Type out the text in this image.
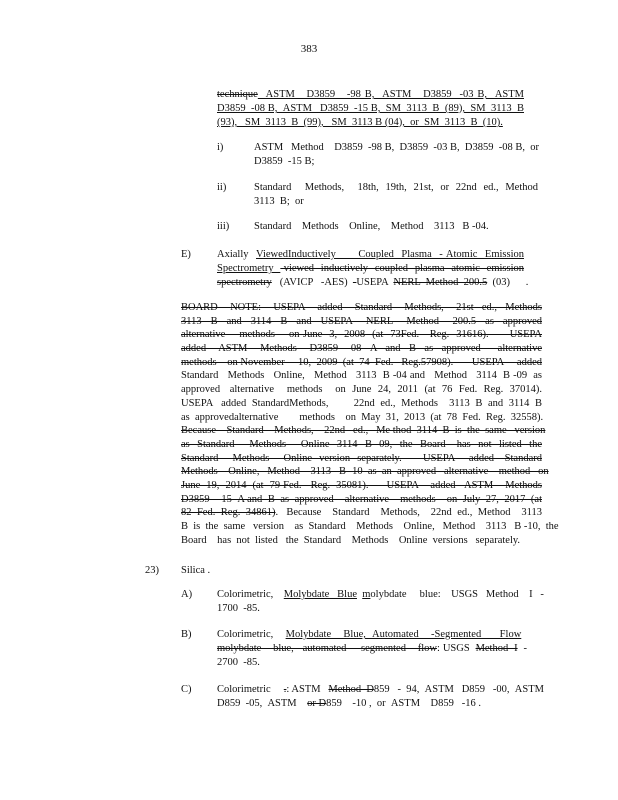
383
technique  ASTM   D3859   -98 B,  ASTM   D3859  -03 B,  ASTM
D3859  -08 B,  ASTM   D3859  -15 B,  SM  3113  B  (89),  SM  3113  B
(93),   SM  3113  B  (99),   SM  3113 B (04),  or  SM  3113  B  (10).
i)	ASTM   Method    D3859  -98 B,  D3859  -03 B,  D3859  -08 B,  or
D3859  -15 B;
ii)	Standard    Methods,    18th,  19th,  21st,  or  22nd  ed.,  Method
3113  B;  or
iii) Standard    Methods    Online,    Method    3113   B -04.
E) Axially  ViewedInductively      Coupled  Plasma  - Atomic  Emission
Spectrometry   viewed  inductively  coupled  plasma  atomic  emission
spectrometry   (AVICP   -AES)  -USEPA  NERL  Method  200.5  (03)      .
BOARD   NOTE:   USEPA   added   Standard   Methods,   21st  ed.,  Methods
3113  B  and  3114  B  and  USEPA   NERL   Method   200.5  as  approved
alternative    methods    on June  3,  2008  (at  73Fed.   Reg.  31616).      USEPA
added   ASTM   Methods   D3859   08  A  and  B  as  approved    alternative
methods    on November     10,  2009  (at  74  Fed.   Reg.57908).       USEPA     added
Standard   Methods   Online,   Method   3113  B -04 and   Method   3114  B -09  as
approved   alternative    methods    on  June  24,  2011  (at  76  Fed.  Reg.  37014).
USEPA   added  StandardMethods,         22nd  ed.,  Methods    3113  B  and  3114  B
as  approvedalternative        methods    on  May  31,  2013  (at  78  Fed.  Reg.  32558).
Because    Standard    Methods,    22nd   ed.,   Me thod  3114  B  is  the  same   version
as  Standard    Methods    Online  3114  B -09,  the  Board   has  not  listed  the
Standard    Methods    Online  version  separately.      USEPA    added   Standard
Methods    Online,   Method    3113   B -10  as  an  approved   alternative    method   on
June  19,  2014  (at  79 Fed.   Reg.  35081).      USEPA    added   ASTM    Methods
D3859   -15  A and  B  as  approved    alternative    methods    on  July  27,  2017  (at
82  Fed.  Reg.  34861).   Because    Standard    Methods,    22nd  ed.,  Method    3113
B  is  the  same   version    as  Standard    Methods    Online,   Method    3113   B -10,  the
Board    has  not  listed   the  Standard    Methods    Online  versions   separately.
23) Silica .
A) Colorimetric,    Molybdate   Blue molybdate     blue:    USGS   Method    I   -
1700  -85.
B) Colorimetric,    Molybdate    Blue,  Automated    -Segmented      Flow
molybdate    blue,   automated     segmented    flow: USGS  Method  I  -
2700  -85.
C) Colorimetric     .: ASTM   Method  D859   -  94,  ASTM   D859   -00,  ASTM
D859  -05,  ASTM    or D859    -10 ,  or  ASTM    D859   -16 .
